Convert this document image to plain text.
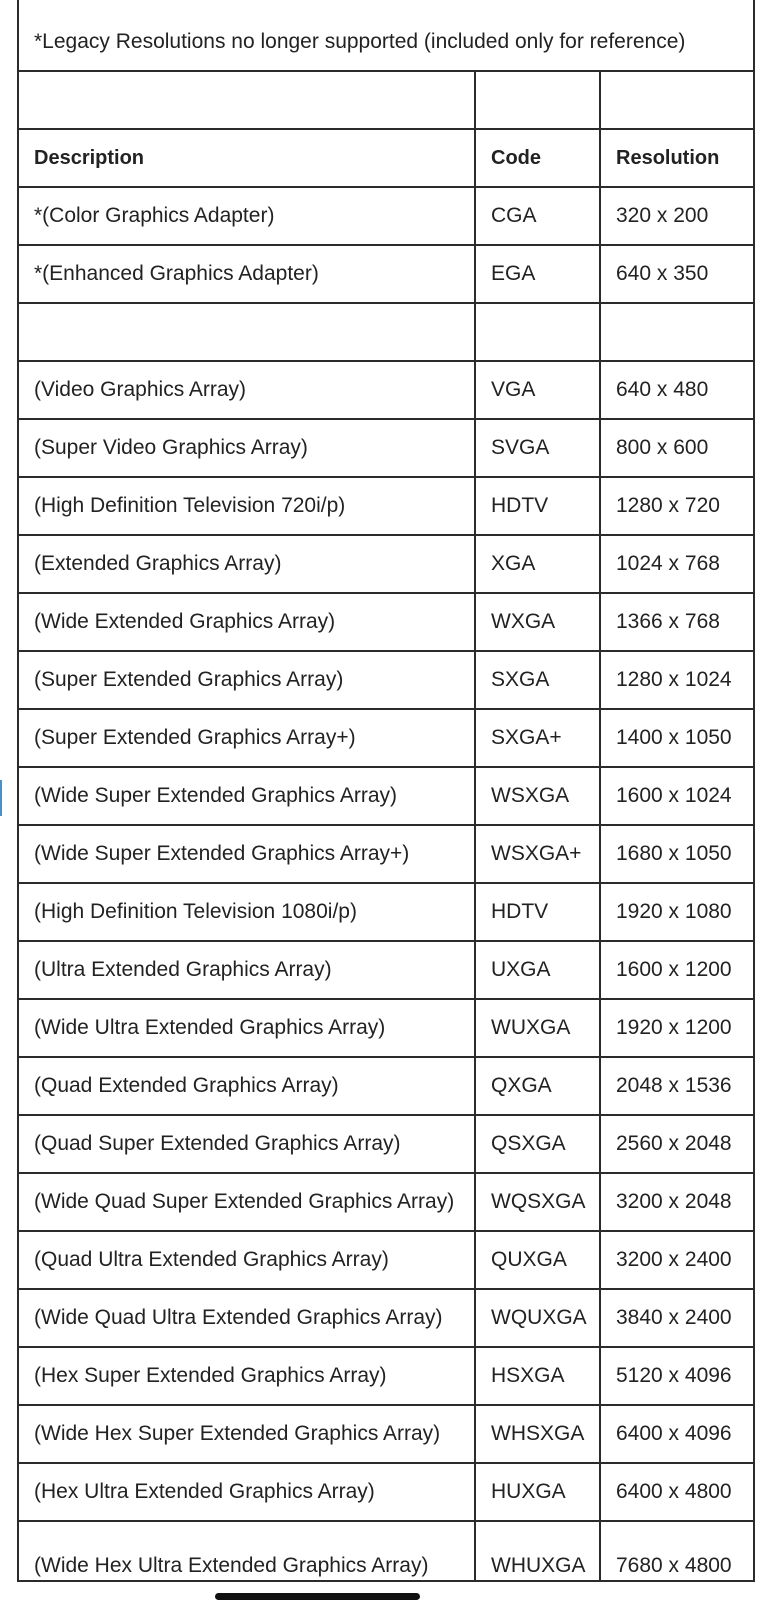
*Legacy Resolutions no longer supported (included only for reference)		

Description	Code	Resolution
*(Color Graphics Adapter)	CGA	320 x 200
*(Enhanced Graphics Adapter)	EGA	640 x 350

(Video Graphics Array)	VGA	640 x 480
(Super Video Graphics Array)	SVGA	800 x 600
(High Definition Television 720i/p)	HDTV	1280 x 720
(Extended Graphics Array)	XGA	1024 x 768
(Wide Extended Graphics Array)	WXGA	1366 x 768
(Super Extended Graphics Array)	SXGA	1280 x 1024
(Super Extended Graphics Array+)	SXGA+	1400 x 1050
(Wide Super Extended Graphics Array)	WSXGA	1600 x 1024
(Wide Super Extended Graphics Array+)	WSXGA+	1680 x 1050
(High Definition Television 1080i/p)	HDTV	1920 x 1080
(Ultra Extended Graphics Array)	UXGA	1600 x 1200
(Wide Ultra Extended Graphics Array)	WUXGA	1920 x 1200
(Quad Extended Graphics Array)	QXGA	2048 x 1536
(Quad Super Extended Graphics Array)	QSXGA	2560 x 2048
(Wide Quad Super Extended Graphics Array)	WQSXGA	3200 x 2048
(Quad Ultra Extended Graphics Array)	QUXGA	3200 x 2400
(Wide Quad Ultra Extended Graphics Array)	WQUXGA	3840 x 2400
(Hex Super Extended Graphics Array)	HSXGA	5120 x 4096
(Wide Hex Super Extended Graphics Array)	WHSXGA	6400 x 4096
(Hex Ultra Extended Graphics Array)	HUXGA	6400 x 4800
(Wide Hex Ultra Extended Graphics Array)	WHUXGA	7680 x 4800
